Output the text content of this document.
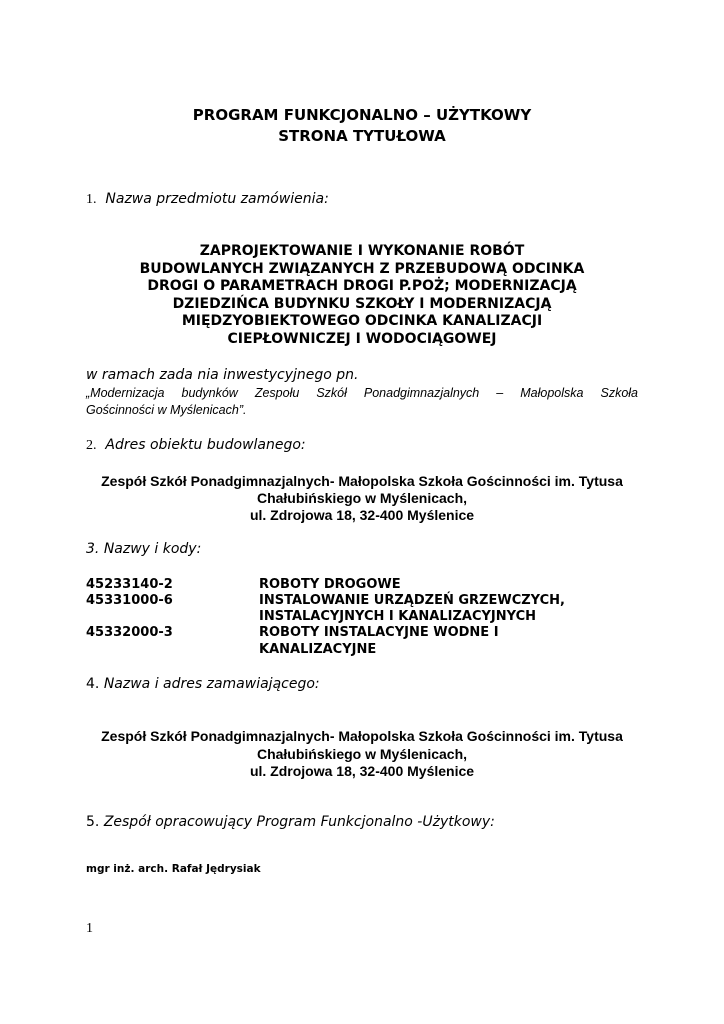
PROGRAM FUNKCJONALNO – UŻYTKOWY
STRONA TYTUŁOWA
1. Nazwa przedmiotu zamówienia:
ZAPROJEKTOWANIE I WYKONANIE ROBÓT
BUDOWLANYCH ZWIĄZANYCH Z PRZEBUDOWĄ ODCINKA
DROGI O PARAMETRACH DROGI P.POŻ; MODERNIZACJĄ
DZIEDZIŃCA BUDYNKU SZKOŁY I MODERNIZACJĄ
MIĘDZYOBIEKTOWEGO ODCINKA KANALIZACJI
CIEPŁOWNICZEJ I WODOCIĄGOWEJ
w ramach zada nia inwestycyjnego pn.
„Modernizacja budynków Zespołu Szkół Ponadgimnazjalnych – Małopolska Szkoła
Gościnności w Myślenicach”.
2. Adres obiektu budowlanego:
Zespół Szkół Ponadgimnazjalnych- Małopolska Szkoła Gościnności im. Tytusa
Chałubińskiego w Myślenicach,
ul. Zdrojowa 18, 32-400 Myślenice
3. Nazwy i kody:
45233140-2	ROBOTY DROGOWE
45331000-6	INSTALOWANIE URZĄDZEŃ GRZEWCZYCH,
INSTALACYJNYCH I KANALIZACYJNYCH
45332000-3	ROBOTY INSTALACYJNE WODNE I
KANALIZACYJNE
4. Nazwa i adres zamawiającego:
Zespół Szkół Ponadgimnazjalnych- Małopolska Szkoła Gościnności im. Tytusa
Chałubińskiego w Myślenicach,
ul. Zdrojowa 18, 32-400 Myślenice
5. Zespół opracowujący Program Funkcjonalno -Użytkowy:
mgr inż. arch. Rafał Jędrysiak
1
